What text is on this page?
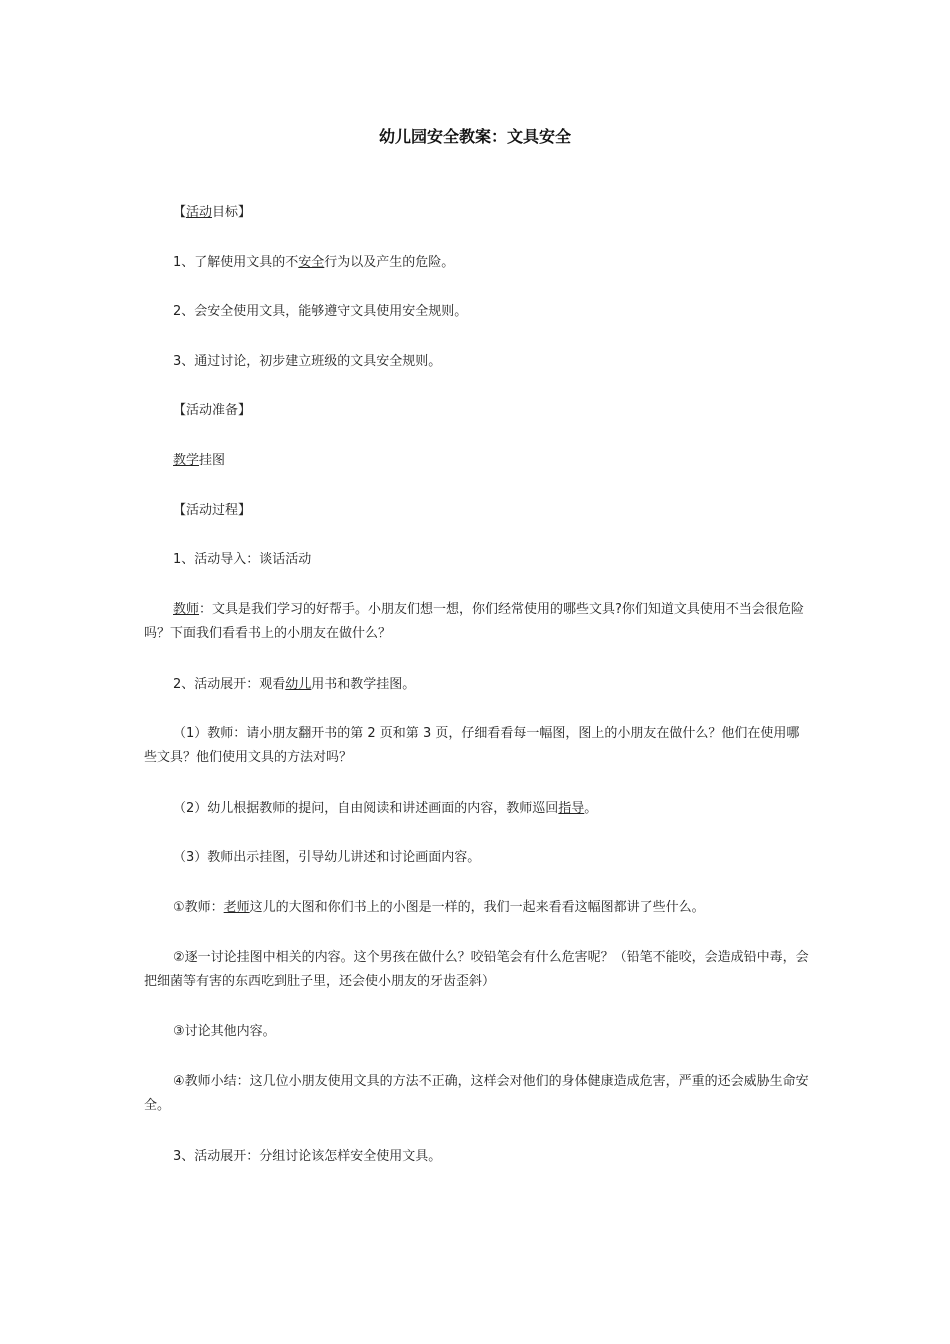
幼儿园安全教案：文具安全

【活动目标】

1、了解使用文具的不安全行为以及产生的危险。

2、会安全使用文具，能够遵守文具使用安全规则。

3、通过讨论，初步建立班级的文具安全规则。

【活动准备】

教学挂图

【活动过程】

1、活动导入：谈话活动

教师：文具是我们学习的好帮手。小朋友们想一想，你们经常使用的哪些文具?你们知道文具使用不当会很危险吗？下面我们看看书上的小朋友在做什么？

2、活动展开：观看幼儿用书和教学挂图。

（1）教师：请小朋友翻开书的第 2 页和第 3 页，仔细看看每一幅图，图上的小朋友在做什么？他们在使用哪些文具？他们使用文具的方法对吗？

（2）幼儿根据教师的提问，自由阅读和讲述画面的内容，教师巡回指导。

（3）教师出示挂图，引导幼儿讲述和讨论画面内容。

①教师：老师这儿的大图和你们书上的小图是一样的，我们一起来看看这幅图都讲了些什么。

②逐一讨论挂图中相关的内容。这个男孩在做什么？咬铅笔会有什么危害呢？（铅笔不能咬，会造成铅中毒，会把细菌等有害的东西吃到肚子里，还会使小朋友的牙齿歪斜）

③讨论其他内容。

④教师小结：这几位小朋友使用文具的方法不正确，这样会对他们的身体健康造成危害，严重的还会威胁生命安全。

3、活动展开：分组讨论该怎样安全使用文具。
